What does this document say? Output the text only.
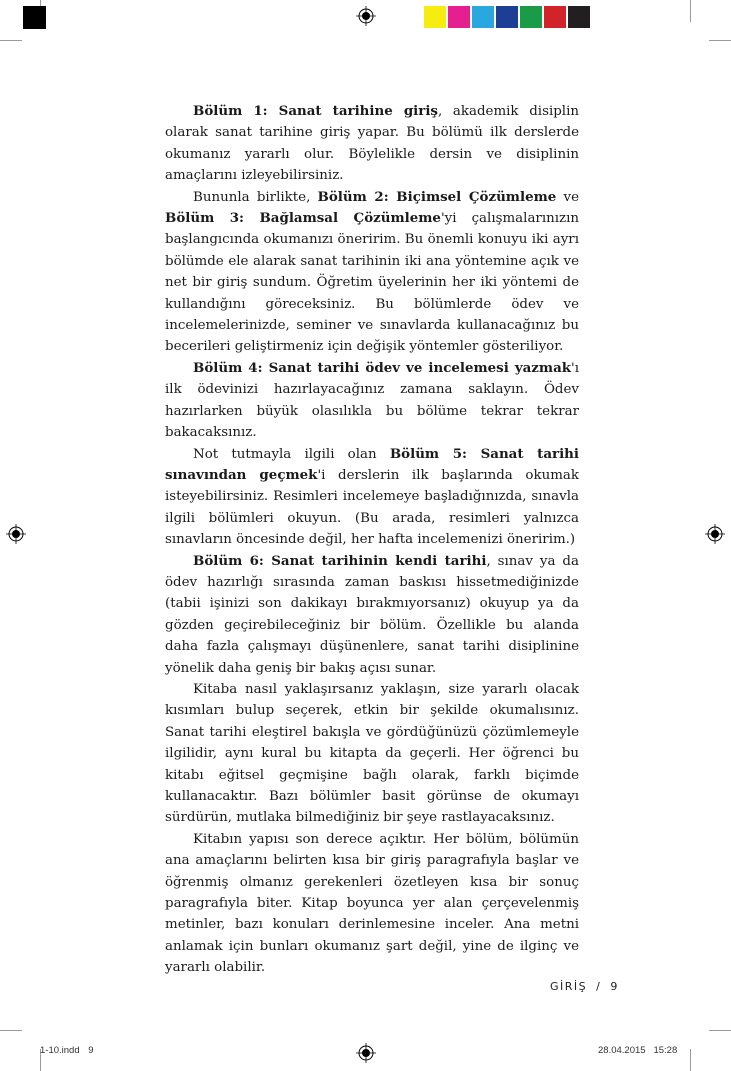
Bölüm 1: Sanat tarihine giriş, akademik disiplin olarak sanat tarihine giriş yapar. Bu bölümü ilk derslerde okumanız yararlı olur. Böylelikle dersin ve disiplinin amaçlarını izleyebilirsiniz.

Bununla birlikte, Bölüm 2: Biçimsel Çözümleme ve Bölüm 3: Bağlamsal Çözümleme'yi çalışmalarınızın başlangıcında okumanızı öneririm. Bu önemli konuyu iki ayrı bölümde ele alarak sanat tarihinin iki ana yöntemine açık ve net bir giriş sundum. Öğretim üyelerinin her iki yöntemi de kullandığını göreceksiniz. Bu bölümlerde ödev ve incelemelerinizde, seminer ve sınavlarda kullanacağınız bu becerileri geliştirmeniz için değişik yöntemler gösteriliyor.

Bölüm 4: Sanat tarihi ödev ve incelemesi yazmak'ı ilk ödevinizi hazırlayacağınız zamana saklayın. Ödev hazırlarken büyük olasılıkla bu bölüme tekrar tekrar bakacaksınız.

Not tutmayla ilgili olan Bölüm 5: Sanat tarihi sınavından geçmek'i derslerin ilk başlarında okumak isteyebilirsiniz. Resimleri incelemeye başladığınızda, sınavla ilgili bölümleri okuyun. (Bu arada, resimleri yalnızca sınavların öncesinde değil, her hafta incelemenizi öneririm.)

Bölüm 6: Sanat tarihinin kendi tarihi, sınav ya da ödev hazırlığı sırasında zaman baskısı hissetmediğinizde (tabii işinizi son dakikayı bırakmıyorsanız) okuyup ya da gözden geçirebileceğiniz bir bölüm. Özellikle bu alanda daha fazla çalışmayı düşünenlere, sanat tarihi disiplinine yönelik daha geniş bir bakış açısı sunar.

Kitaba nasıl yaklaşırsanız yaklaşın, size yararlı olacak kısımları bulup seçerek, etkin bir şekilde okumalısınız. Sanat tarihi eleştirel bakışla ve gördüğünüzü çözümlemeyle ilgilidir, aynı kural bu kitapta da geçerli. Her öğrenci bu kitabı eğitsel geçmişine bağlı olarak, farklı biçimde kullanacaktır. Bazı bölümler basit görünse de okumayı sürdürün, mutlaka bilmediğiniz bir şeye rastlayacaksınız.

Kitabın yapısı son derece açıktır. Her bölüm, bölümün ana amaçlarını belirten kısa bir giriş paragrafıyla başlar ve öğrenmiş olmanız gerekenleri özetleyen kısa bir sonuç paragrafıyla biter. Kitap boyunca yer alan çerçevelenmiş metinler, bazı konuları derinlemesine inceler. Ana metni anlamak için bunları okumanız şart değil, yine de ilginç ve yararlı olabilir.

GİRİŞ / 9
1-10.indd 9	28.04.2015   15:28
